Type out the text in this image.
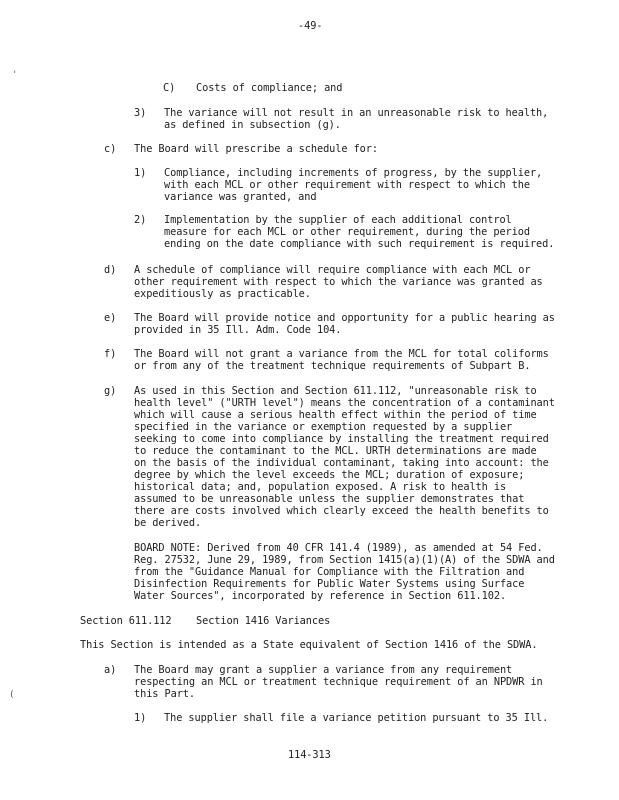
-49-
'
(
C) Costs of compliance; and
3) The variance will not result in an unreasonable risk to health,
as defined in subsection (g).
c) The Board will prescribe a schedule for:
1) Compliance, including increments of progress, by the supplier,
with each MCL or other requirement with respect to which the
variance was granted, and
2) Implementation by the supplier of each additional control
measure for each MCL or other requirement, during the period
ending on the date compliance with such requirement is required.
d) A schedule of compliance will require compliance with each MCL or
other requirement with respect to which the variance was granted as
expeditiously as practicable.
e) The Board will provide notice and opportunity for a public hearing as
provided in 35 Ill. Adm. Code 104.
f) The Board will not grant a variance from the MCL for total coliforms
or from any of the treatment technique requirements of Subpart B.
g) As used in this Section and Section 611.112, "unreasonable risk to
health level" ("URTH level") means the concentration of a contaminant
which will cause a serious health effect within the period of time
specified in the variance or exemption requested by a supplier
seeking to come into compliance by installing the treatment required
to reduce the contaminant to the MCL. URTH determinations are made
on the basis of the individual contaminant, taking into account: the
degree by which the level exceeds the MCL; duration of exposure;
historical data; and, population exposed. A risk to health is
assumed to be unreasonable unless the supplier demonstrates that
there are costs involved which clearly exceed the health benefits to
be derived.
BOARD NOTE: Derived from 40 CFR 141.4 (1989), as amended at 54 Fed.
Reg. 27532, June 29, 1989, from Section 1415(a)(1)(A) of the SDWA and
from the "Guidance Manual for Compliance with the Filtration and
Disinfection Requirements for Public Water Systems using Surface
Water Sources", incorporated by reference in Section 611.102.
Section 611.112 Section 1416 Variances
This Section is intended as a State equivalent of Section 1416 of the SDWA.
a) The Board may grant a supplier a variance from any requirement
respecting an MCL or treatment technique requirement of an NPDWR in
this Part.
1) The supplier shall file a variance petition pursuant to 35 Ill.
114-313
